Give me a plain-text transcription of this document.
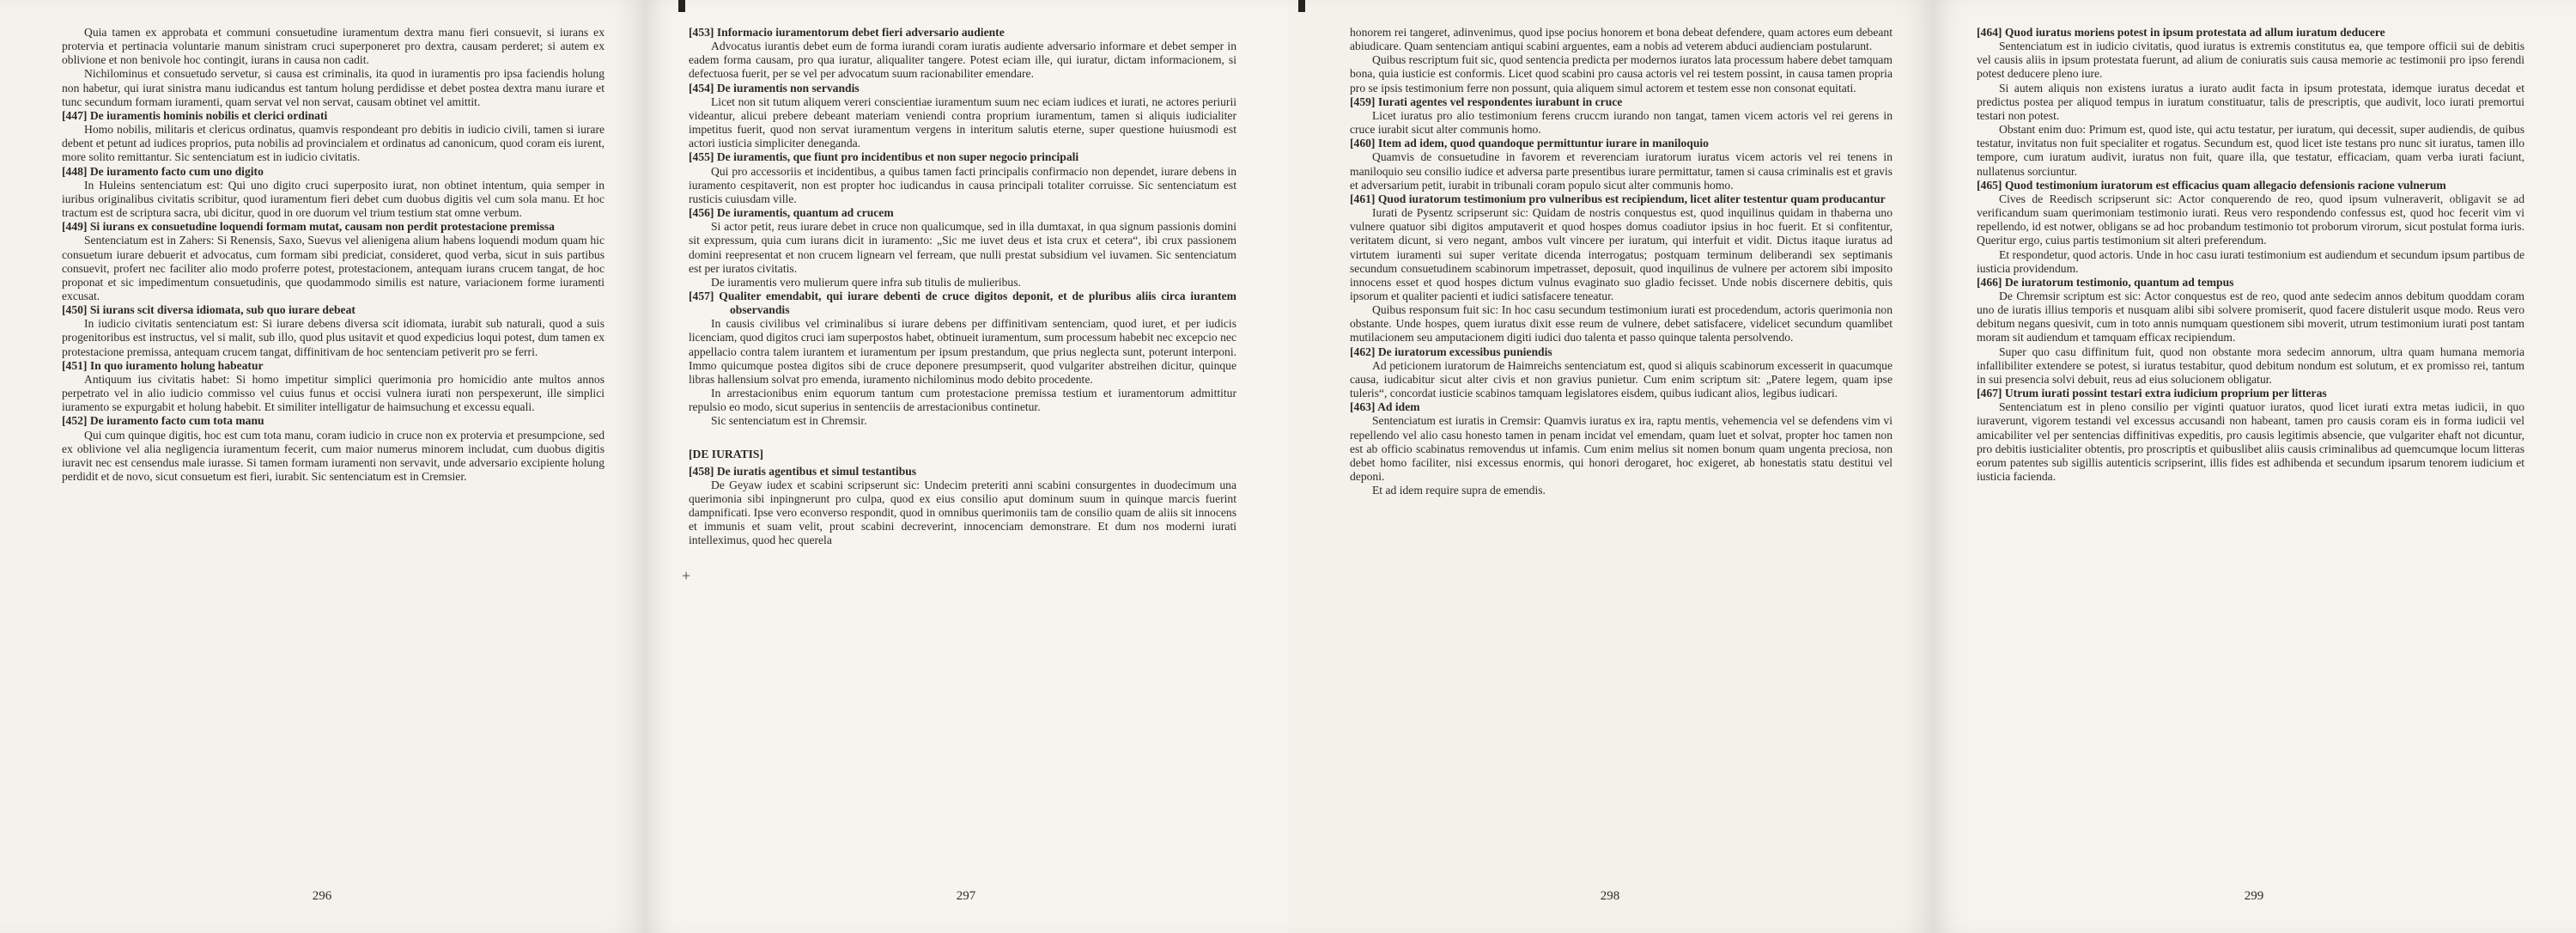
Quia tamen ex approbata et communi consuetudine iuramentum dextra manu fieri consuevit, si iurans ex protervia et pertinacia voluntarie manum sinistram cruci superponeret pro dextra, causam perderet; si autem ex oblivione et non benivole hoc contingit, iurans in causa non cadit.

Nichilominus et consuetudo servetur, si causa est criminalis, ita quod in iuramentis pro ipsa faciendis holung non habetur, qui iurat sinistra manu iudicandus est tantum holung perdidisse et debet postea dextra manu iurare et tunc secundum formam iuramenti, quam servat vel non servat, causam obtinet vel amittit.

[447] De iuramentis hominis nobilis et clerici ordinati

Homo nobilis, militaris et clericus ordinatus, quamvis respondeant pro debitis in iudicio civili, tamen si iurare debent et petunt ad iudices proprios, puta nobilis ad provincialem et ordinatus ad canonicum, quod coram eis iurent, more solito remittantur. Sic sentenciatum est in iudicio civitatis.

[448] De iuramento facto cum uno digito

In Huleins sentenciatum est: Qui uno digito cruci superposito iurat, non obtinet intentum, quia semper in iuribus originalibus civitatis scribitur, quod iuramentum fieri debet cum duobus digitis vel cum sola manu. Et hoc tractum est de scriptura sacra, ubi dicitur, quod in ore duorum vel trium testium stat omne verbum.

[449] Si iurans ex consuetudine loquendi formam mutat, causam non perdit protestacione premissa

Sentenciatum est in Zahers: Si Renensis, Saxo, Suevus vel alienigena alium habens loquendi modum quam hic consuetum iurare debuerit et advocatus, cum formam sibi prediciat, consideret, quod verba, sicut in suis partibus consuevit, profert nec faciliter alio modo proferre potest, protestacionem, antequam iurans crucem tangat, de hoc proponat et sic impedimentum consuetudinis, que quodammodo similis est nature, variacionem forme iuramenti excusat.

[450] Si iurans scit diversa idiomata, sub quo iurare debeat

In iudicio civitatis sentenciatum est: Si iurare debens diversa scit idiomata, iurabit sub naturali, quod a suis progenitoribus est instructus, vel si malit, sub illo, quod plus usitavit et quod expedicius loqui potest, dum tamen ex protestacione premissa, antequam crucem tangat, diffinitivam de hoc sentenciam petiverit pro se ferri.

[451] In quo iuramento holung habeatur

Antiquum ius civitatis habet: Si homo impetitur simplici querimonia pro homicidio ante multos annos perpetrato vel in alio iudicio commisso vel cuius funus et occisi vulnera iurati non perspexerunt, ille simplici iuramento se expurgabit et holung habebit. Et similiter intelligatur de haimsuchung et excessu equali.

[452] De iuramento facto cum tota manu

Qui cum quinque digitis, hoc est cum tota manu, coram iudicio in cruce non ex protervia et presumpcione, sed ex oblivione vel alia negligencia iuramentum fecerit, cum maior numerus minorem includat, cum duobus digitis iuravit nec est censendus male iurasse. Si tamen formam iuramenti non servavit, unde adversario excipiente holung perdidit et de novo, sicut consuetum est fieri, iurabit. Sic sentenciatum est in Cremsier.

296
+

[453] Informacio iuramentorum debet fieri adversario audiente

Advocatus iurantis debet eum de forma iurandi coram iuratis audiente adversario informare et debet semper in eadem forma causam, pro qua iuratur, aliqualiter tangere. Potest eciam ille, qui iuratur, dictam informacionem, si defectuosa fuerit, per se vel per advocatum suum racionabiliter emendare.

[454] De iuramentis non servandis

Licet non sit tutum aliquem vereri conscientiae iuramentum suum nec eciam iudices et iurati, ne actores periurii videantur, alicui prebere debeant materiam veniendi contra proprium iuramentum, tamen si aliquis iudicialiter impetitus fuerit, quod non servat iuramentum vergens in interitum salutis eterne, super questione huiusmodi est actori iusticia simpliciter deneganda.

[455] De iuramentis, que fiunt pro incidentibus et non super negocio principali

Qui pro accessoriis et incidentibus, a quibus tamen facti principalis confirmacio non dependet, iurare debens in iuramento cespitaverit, non est propter hoc iudicandus in causa principali totaliter corruisse. Sic sentenciatum est rusticis cuiusdam ville.

[456] De iuramentis, quantum ad crucem

Si actor petit, reus iurare debet in cruce non qualicumque, sed in illa dumtaxat, in qua signum passionis domini sit expressum, quia cum iurans dicit in iuramento: „Sic me iuvet deus et ista crux et cetera“, ibi crux passionem domini reepresentat et non crucem lignearn vel ferream, que nulli prestat subsidium vel iuvamen. Sic sentenciatum est per iuratos civitatis.

De iuramentis vero mulierum quere infra sub titulis de mulieribus.

[457] Qualiter emendabit, qui iurare debenti de cruce digitos deponit, et de pluribus aliis circa iurantem observandis

In causis civilibus vel criminalibus si iurare debens per diffinitivam sentenciam, quod iuret, et per iudicis licenciam, quod digitos cruci iam superpostos habet, obtinueit iuramentum, sum processum habebit nec excepcio nec appellacio contra talem iurantem et iuramentum per ipsum prestandum, que prius neglecta sunt, poterunt interponi. Immo quicumque postea digitos sibi de cruce deponere presumpserit, quod vulgariter abstreihen dicitur, quinque libras hallensium solvat pro emenda, iuramento nichilominus modo debito procedente.

In arrestacionibus enim equorum tantum cum protestacione premissa testium et iuramentorum admittitur repulsio eo modo, sicut superius in sentenciis de arrestacionibus continetur.

Sic sentenciatum est in Chremsir.

[DE IURATIS]

[458] De iuratis agentibus et simul testantibus

De Geyaw iudex et scabini scripserunt sic: Undecim preteriti anni scabini consurgentes in duodecimum una querimonia sibi inpingnerunt pro culpa, quod ex eius consilio aput dominum suum in quinque marcis fuerint dampnificati. Ipse vero econverso respondit, quod in omnibus querimoniis tam de consilio quam de aliis sit innocens et immunis et suam velit, prout scabini decreverint, innocenciam demonstrare. Et dum nos moderni iurati intelleximus, quod hec querela

297

honorem rei tangeret, adinvenimus, quod ipse pocius honorem et bona debeat defendere, quam actores eum debeant abiudicare. Quam sentenciam antiqui scabini arguentes, eam a nobis ad veterem abduci audienciam postularunt.

Quibus rescriptum fuit sic, quod sentencia predicta per modernos iuratos lata processum habere debet tamquam bona, quia iusticie est conformis. Licet quod scabini pro causa actoris vel rei testem possint, in causa tamen propria pro se ipsis testimonium ferre non possunt, quia aliquem simul actorem et testem esse non consonat equitati.

[459] Iurati agentes vel respondentes iurabunt in cruce

Licet iuratus pro alio testimonium ferens cruccm iurando non tangat, tamen vicem actoris vel rei gerens in cruce iurabit sicut alter communis homo.

[460] Item ad idem, quod quandoque permittuntur iurare in maniloquio

Quamvis de consuetudine in favorem et reverenciam iuratorum iuratus vicem actoris vel rei tenens in maniloquio seu consilio iudice et adversa parte presentibus iurare permittatur, tamen si causa criminalis est et gravis et adversarium petit, iurabit in tribunali coram populo sicut alter communis homo.

[461] Quod iuratorum testimonium pro vulneribus est recipiendum, licet aliter testentur quam producantur

Iurati de Pysentz scripserunt sic: Quidam de nostris conquestus est, quod inquilinus quidam in thaberna uno vulnere quatuor sibi digitos amputaverit et quod hospes domus coadiutor ipsius in hoc fuerit. Et si confitentur, veritatem dicunt, si vero negant, ambos vult vincere per iuratum, qui interfuit et vidit. Dictus itaque iuratus ad virtutem iuramenti sui super veritate dicenda interrogatus; postquam terminum deliberandi sex septimanis secundum consuetudinem scabinorum impetrasset, deposuit, quod inquilinus de vulnere per actorem sibi imposito innocens esset et quod hospes dictum vulnus evaginato suo gladio fecisset. Unde nobis discernere debitis, quis ipsorum et qualiter pacienti et iudici satisfacere teneatur.

Quibus responsum fuit sic: In hoc casu secundum testimonium iurati est procedendum, actoris querimonia non obstante. Unde hospes, quem iuratus dixit esse reum de vulnere, debet satisfacere, videlicet secundum quamlibet mutilacionem seu amputacionem digiti iudici duo talenta et passo quinque talenta persolvendo.

[462] De iuratorum excessibus puniendis

Ad peticionem iuratorum de Haimreichs sentenciatum est, quod si aliquis scabinorum excesserit in quacumque causa, iudicabitur sicut alter civis et non gravius punietur. Cum enim scriptum sit: „Patere legem, quam ipse tuleris“, concordat iusticie scabinos tamquam legislatores eisdem, quibus iudicant alios, legibus iudicari.

[463] Ad idem

Sentenciatum est iuratis in Cremsir: Quamvis iuratus ex ira, raptu mentis, vehemencia vel se defendens vim vi repellendo vel alio casu honesto tamen in penam incidat vel emendam, quam luet et solvat, propter hoc tamen non est ab officio scabinatus removendus ut infamis. Cum enim melius sit nomen bonum quam ungenta preciosa, non debet homo faciliter, nisi excessus enormis, qui honori derogaret, hoc exigeret, ab honestatis statu destitui vel deponi.

Et ad idem require supra de emendis.

298

[464] Quod iuratus moriens potest in ipsum protestata ad allum iuratum deducere

Sentenciatum est in iudicio civitatis, quod iuratus is extremis constitutus ea, que tempore officii sui de debitis vel causis aliis in ipsum protestata fuerunt, ad alium de coniuratis suis causa memorie ac testimonii pro ipso ferendi potest deducere pleno iure.

Si autem aliquis non existens iuratus a iurato audit facta in ipsum protestata, idemque iuratus decedat et predictus postea per aliquod tempus in iuratum constituatur, talis de prescriptis, que audivit, loco iurati premortui testari non potest.

Obstant enim duo: Primum est, quod iste, qui actu testatur, per iuratum, qui decessit, super audiendis, de quibus testatur, invitatus non fuit specialiter et rogatus. Secundum est, quod licet iste testans pro nunc sit iuratus, tamen illo tempore, cum iuratum audivit, iuratus non fuit, quare illa, que testatur, efficaciam, quam verba iurati faciunt, nullatenus sorciuntur.

[465] Quod testimonium iuratorum est efficacius quam allegacio defensionis racione vulnerum

Cives de Reedisch scripserunt sic: Actor conquerendo de reo, quod ipsum vulneraverit, obligavit se ad verificandum suam querimoniam testimonio iurati. Reus vero respondendo confessus est, quod hoc fecerit vim vi repellendo, id est notwer, obligans se ad hoc probandum testimonio tot proborum virorum, sicut postulat forma iuris. Queritur ergo, cuius partis testimonium sit alteri preferendum.

Et respondetur, quod actoris. Unde in hoc casu iurati testimonium est audiendum et secundum ipsum partibus de iusticia providendum.

[466] De iuratorum testimonio, quantum ad tempus

De Chremsir scriptum est sic: Actor conquestus est de reo, quod ante sedecim annos debitum quoddam coram uno de iuratis illius temporis et nusquam alibi sibi solvere promiserit, quod facere distulerit usque modo. Reus vero debitum negans quesivit, cum in toto annis numquam questionem sibi moverit, utrum testimonium iurati post tantam moram sit audiendum et tamquam efficax recipiendum.

Super quo casu diffinitum fuit, quod non obstante mora sedecim annorum, ultra quam humana memoria infallibiliter extendere se potest, si iuratus testabitur, quod debitum nondum est solutum, et ex promisso rei, tantum in sui presencia solvi debuit, reus ad eius solucionem obligatur.

[467] Utrum iurati possint testari extra iudicium proprium per litteras

Sentenciatum est in pleno consilio per viginti quatuor iuratos, quod licet iurati extra metas iudicii, in quo iuraverunt, vigorem testandi vel excessus accusandi non habeant, tamen pro causis coram eis in forma iudicii vel amicabiliter vel per sentencias diffinitivas expeditis, pro causis legitimis absencie, que vulgariter ehaft not dicuntur, pro debitis iusticialiter obtentis, pro proscriptis et quibuslibet aliis causis criminalibus ad quemcumque locum litteras eorum patentes sub sigillis autenticis scripserint, illis fides est adhibenda et secundum ipsarum tenorem iudicium et iusticia facienda.

299
